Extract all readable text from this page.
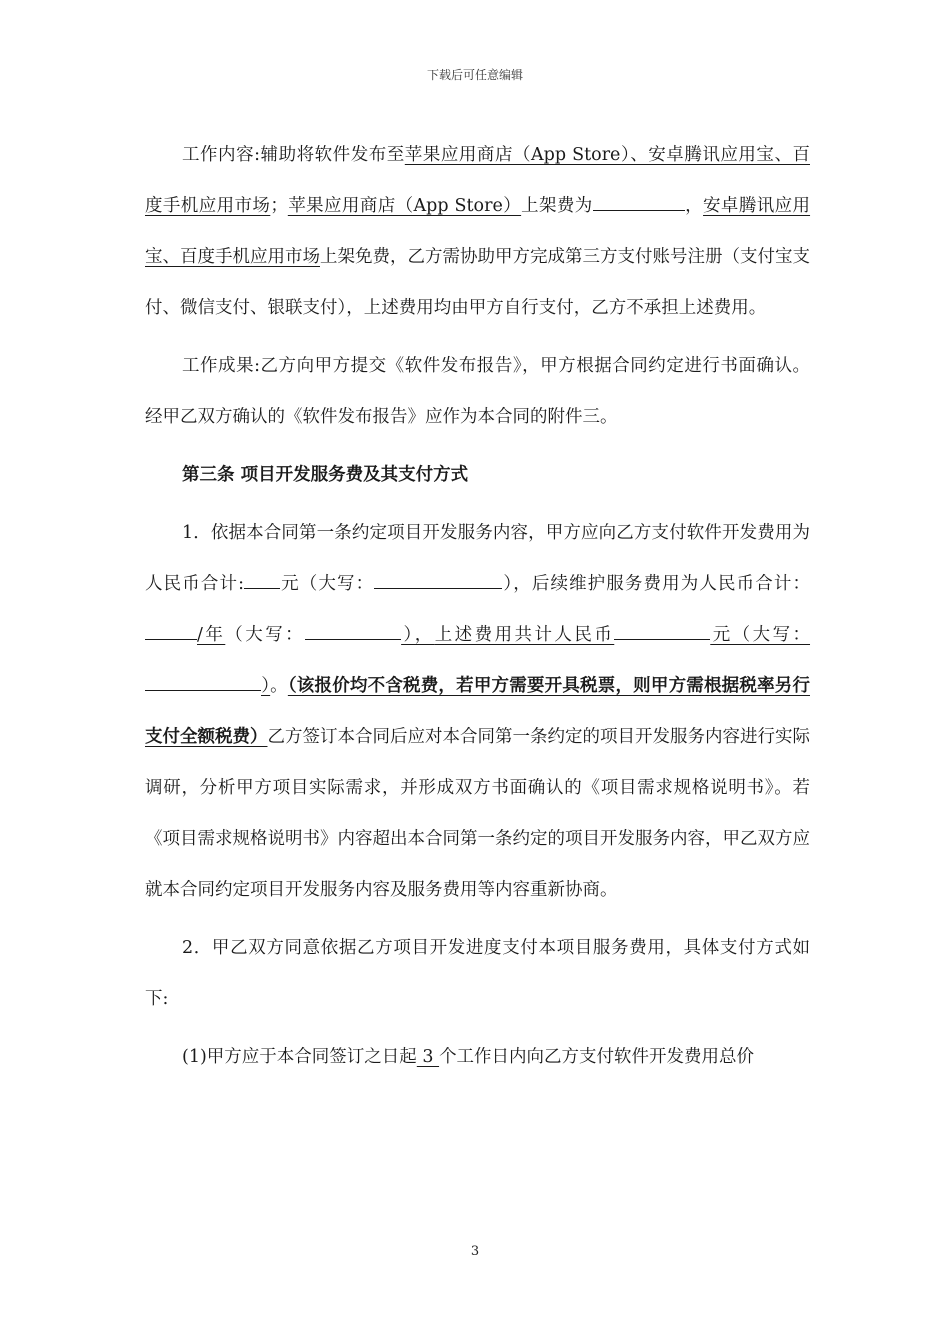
下载后可任意编辑

工作内容:辅助将软件发布至苹果应用商店（App Store）、安卓腾讯应用宝、百度手机应用市场；苹果应用商店（App Store）上架费为	，安卓腾讯应用宝、百度手机应用市场上架免费，乙方需协助甲方完成第三方支付账号注册（支付宝支付、微信支付、银联支付），上述费用均由甲方自行支付，乙方不承担上述费用。

工作成果:乙方向甲方提交《软件发布报告》，甲方根据合同约定进行书面确认。 经甲乙双方确认的《软件发布报告》应作为本合同的附件三。

第三条 项目开发服务费及其支付方式

1．依据本合同第一条约定项目开发服务内容，甲方应向乙方支付软件开发费用为人民币合计: 元（大写：	），后续维护服务费用为人民币合计：/年（大写：	），上述费用共计人民币	元（大写：）。（该报价均不含税费，若甲方需要开具税票，则甲方需根据税率另行支付全额税费）乙方签订本合同后应对本合同第一条约定的项目开发服务内容进行实际调研，分析甲方项目实际需求，并形成双方书面确认的《项目需求规格说明书》。若《项目需求规格说明书》内容超出本合同第一条约定的项目开发服务内容，甲乙双方应就本合同约定项目开发服务内容及服务费用等内容重新协商。

2．甲乙双方同意依据乙方项目开发进度支付本项目服务费用，具体支付方式如下:

(1)甲方应于本合同签订之日起 3 个工作日内向乙方支付软件开发费用总价

3
